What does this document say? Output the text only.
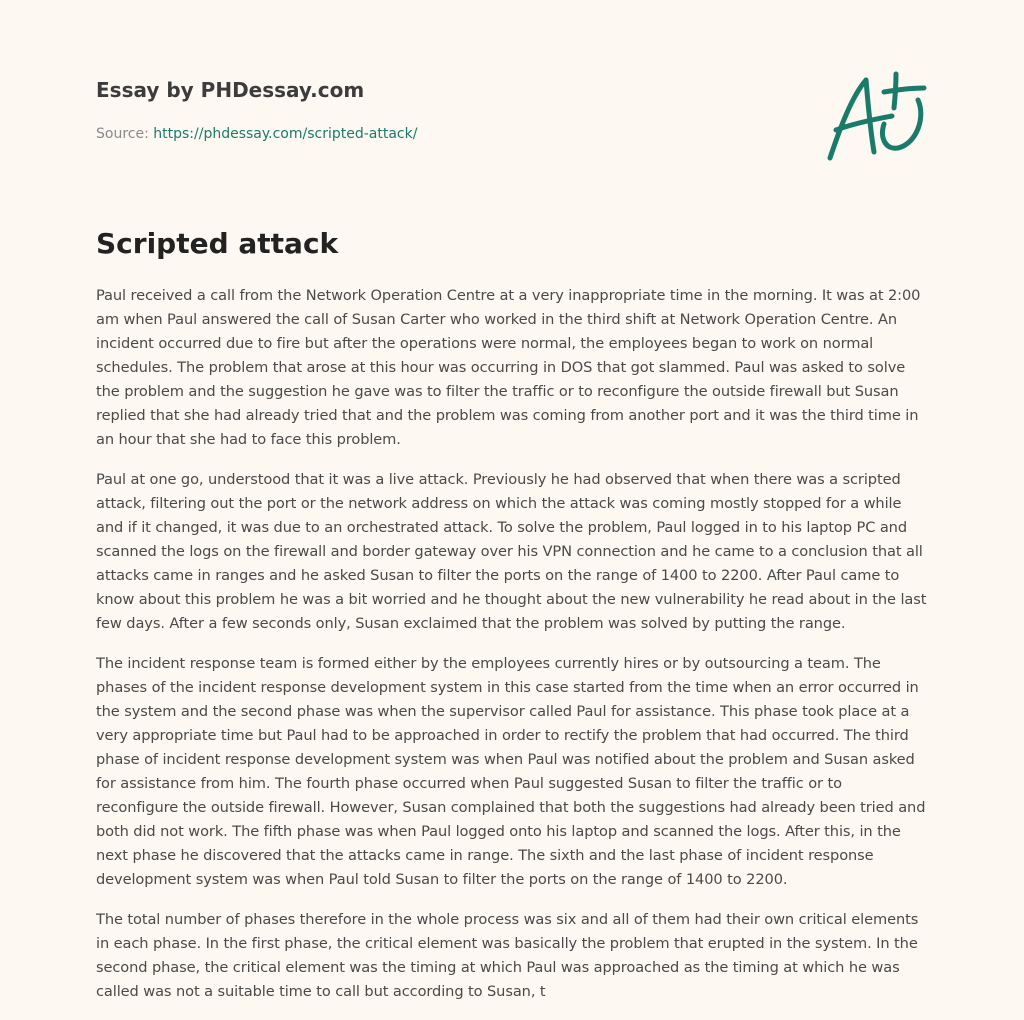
Essay by PHDessay.com

Source: https://phdessay.com/scripted-attack/
Scripted attack

Paul received a call from the Network Operation Centre at a very inappropriate time in the morning. It was at 2:00 am when Paul answered the call of Susan Carter who worked in the third shift at Network Operation Centre. An incident occurred due to fire but after the operations were normal, the employees began to work on normal schedules. The problem that arose at this hour was occurring in DOS that got slammed. Paul was asked to solve the problem and the suggestion he gave was to filter the traffic or to reconfigure the outside firewall but Susan replied that she had already tried that and the problem was coming from another port and it was the third time in an hour that she had to face this problem.

Paul at one go, understood that it was a live attack. Previously he had observed that when there was a scripted attack, filtering out the port or the network address on which the attack was coming mostly stopped for a while and if it changed, it was due to an orchestrated attack. To solve the problem, Paul logged in to his laptop PC and scanned the logs on the firewall and border gateway over his VPN connection and he came to a conclusion that all attacks came in ranges and he asked Susan to filter the ports on the range of 1400 to 2200. After Paul came to know about this problem he was a bit worried and he thought about the new vulnerability he read about in the last few days. After a few seconds only, Susan exclaimed that the problem was solved by putting the range.

The incident response team is formed either by the employees currently hires or by outsourcing a team. The phases of the incident response development system in this case started from the time when an error occurred in the system and the second phase was when the supervisor called Paul for assistance. This phase took place at a very appropriate time but Paul had to be approached in order to rectify the problem that had occurred. The third phase of incident response development system was when Paul was notified about the problem and Susan asked for assistance from him. The fourth phase occurred when Paul suggested Susan to filter the traffic or to reconfigure the outside firewall. However, Susan complained that both the suggestions had already been tried and both did not work. The fifth phase was when Paul logged onto his laptop and scanned the logs. After this, in the next phase he discovered that the attacks came in range. The sixth and the last phase of incident response development system was when Paul told Susan to filter the ports on the range of 1400 to 2200.

The total number of phases therefore in the whole process was six and all of them had their own critical elements in each phase. In the first phase, the critical element was basically the problem that erupted in the system. In the second phase, the critical element was the timing at which Paul was approached as the timing at which he was called was not a suitable time to call but according to Susan, t
